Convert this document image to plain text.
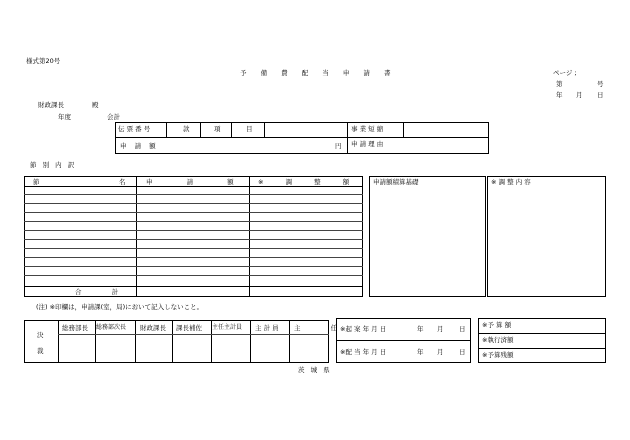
様式第20号
予 備 費 配 当 申 請 書	ページ ;
第	号
年 月 日
財政課長	殿
年度	会計
伝 票 番 号	款	項	目	事 業 短 縮
申 請 額	円 申 請 理 由
節 別 内 訳
節	名	申 請 額 ※ 調 整 額
合 計
申請額積算基礎	※ 調 整 内 容
(注) ※印欄は，申請課(室，局)において記入しないこと。
決
裁
総務部長 総務部次長 財政課長 課長補佐 主任主計員 主 計 員 主 任
茨 城 県
※起 案 年 月 日	年 月 日
※配 当 年 月 日	年 月 日
※予 算 額
※執行済額
※予算残額
